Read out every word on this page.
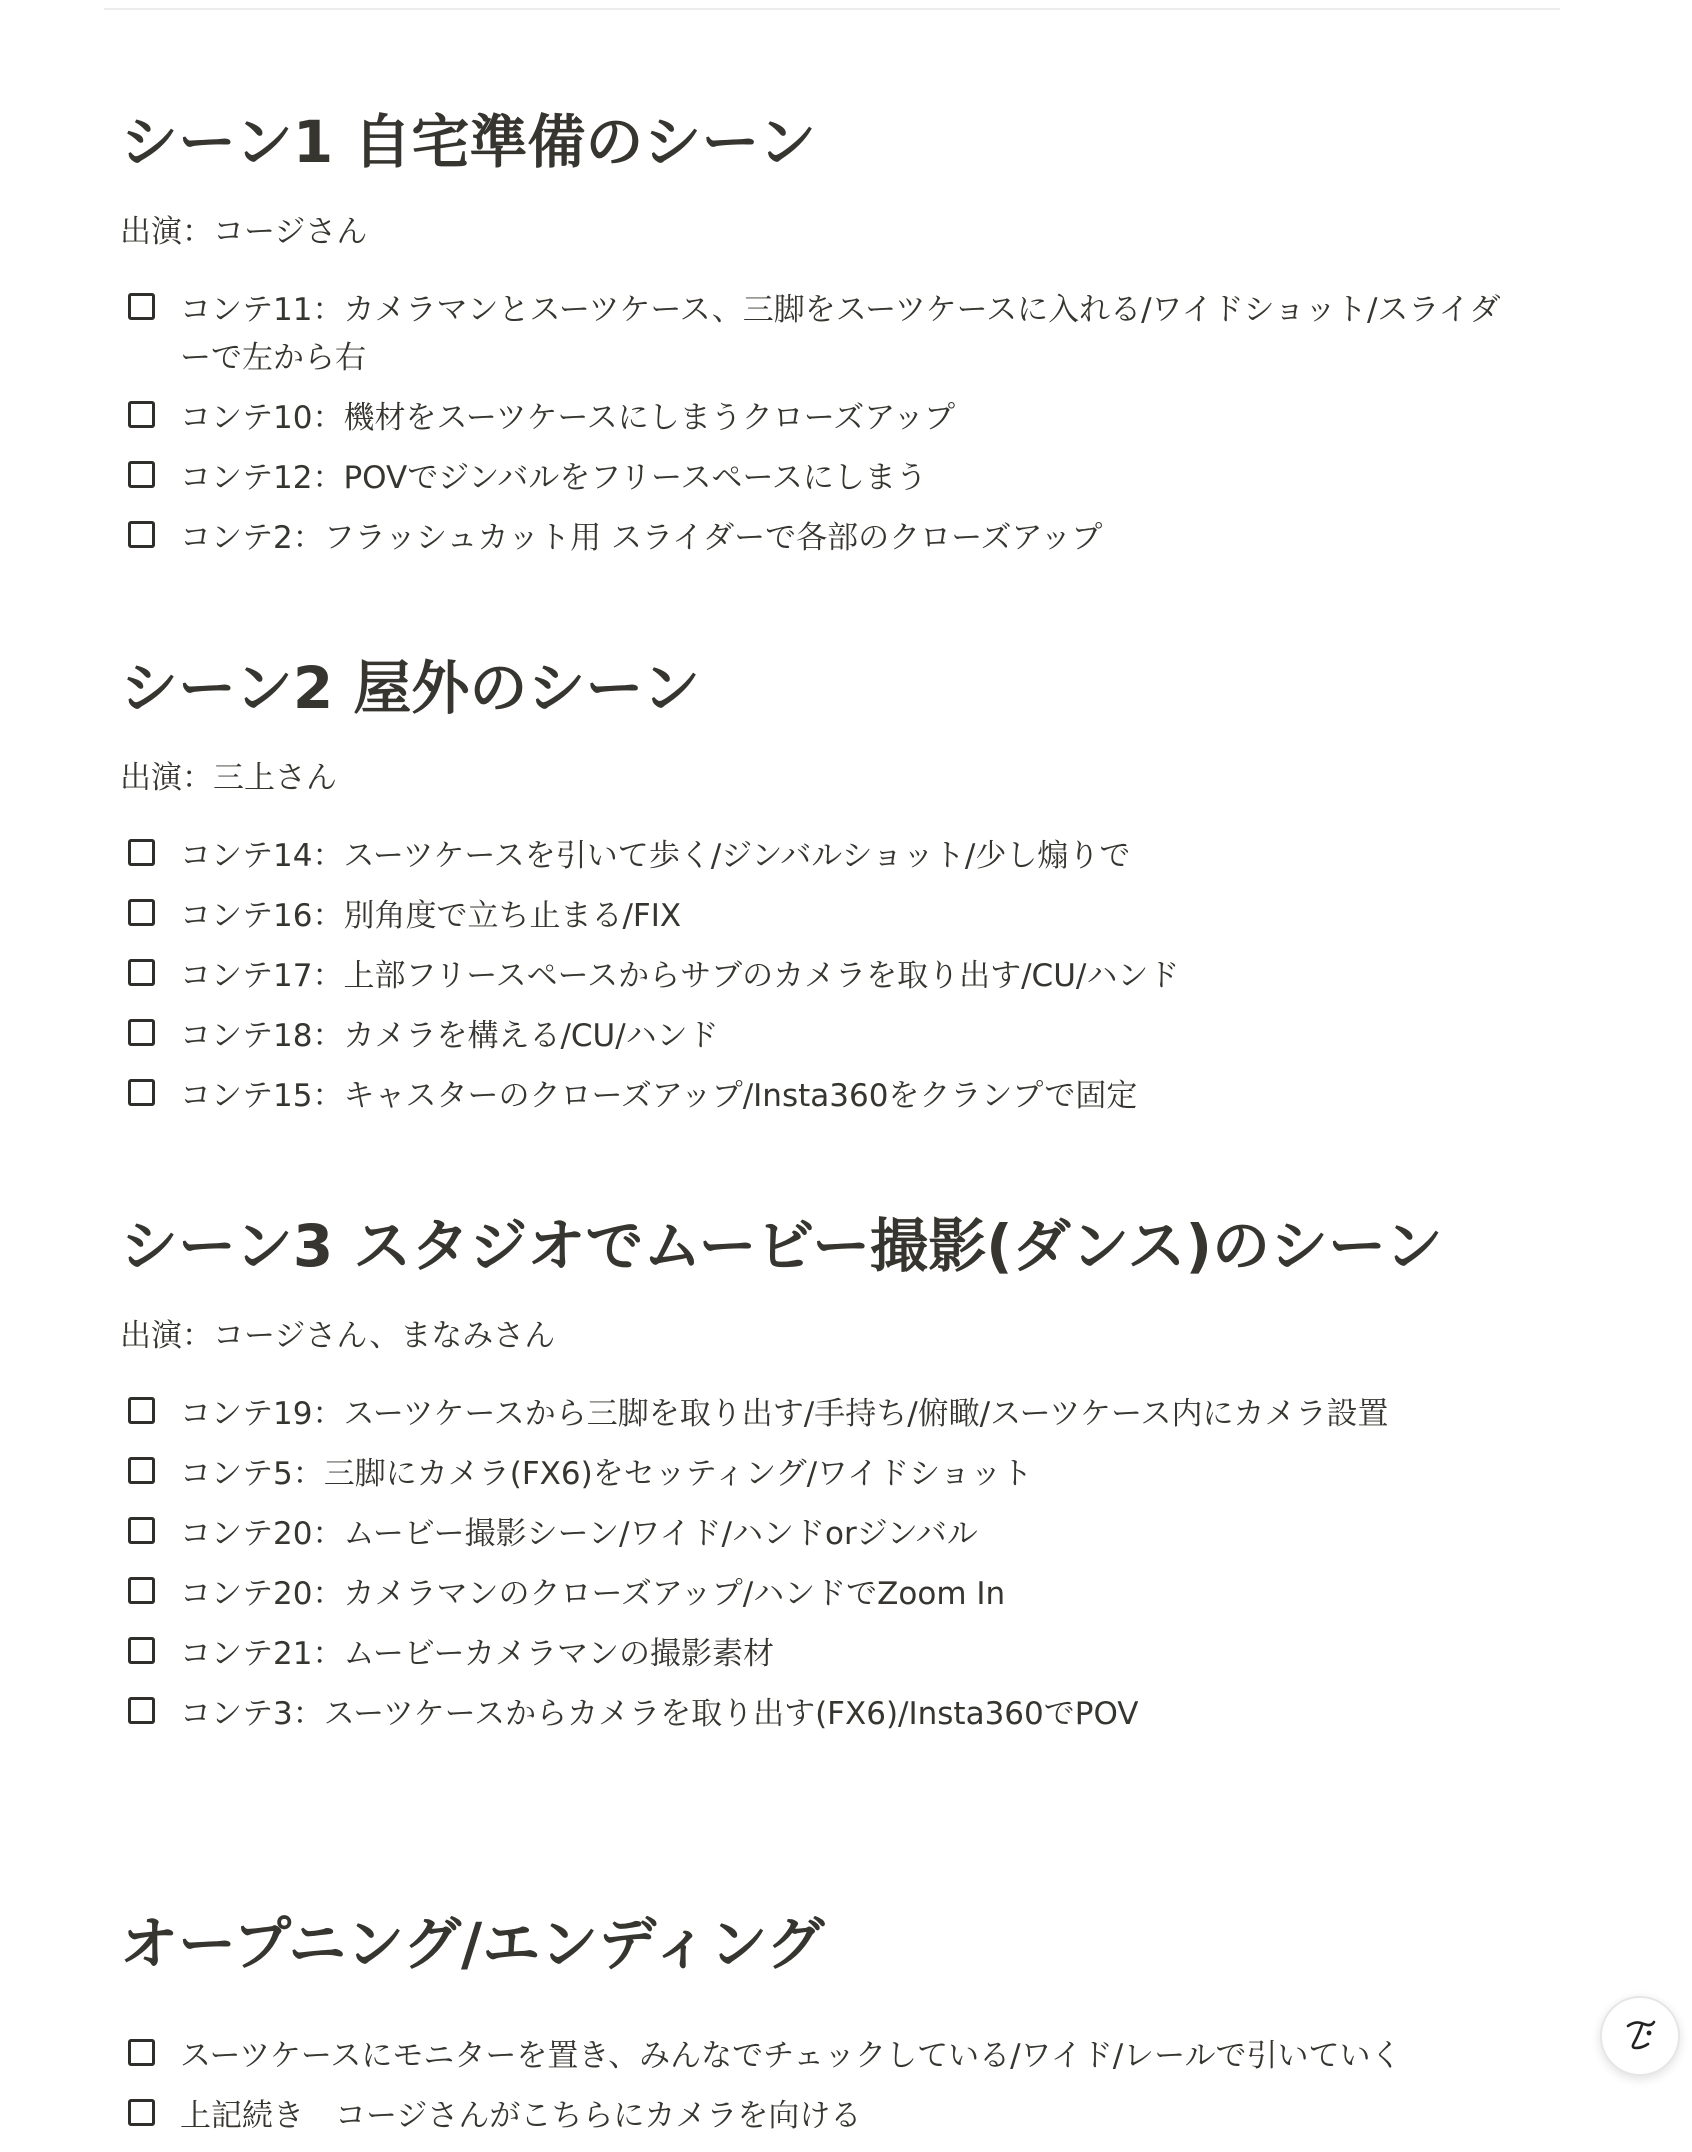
シーン1 自宅準備のシーン
出演：コージさん
コンテ11：カメラマンとスーツケース、三脚をスーツケースに入れる/ワイドショット/スライダーで左から右
コンテ10：機材をスーツケースにしまうクローズアップ
コンテ12：POVでジンバルをフリースペースにしまう
コンテ2：フラッシュカット用 スライダーで各部のクローズアップ
シーン2 屋外のシーン
出演：三上さん
コンテ14：スーツケースを引いて歩く/ジンバルショット/少し煽りで
コンテ16：別角度で立ち止まる/FIX
コンテ17：上部フリースペースからサブのカメラを取り出す/CU/ハンド
コンテ18：カメラを構える/CU/ハンド
コンテ15：キャスターのクローズアップ/Insta360をクランプで固定
シーン3 スタジオでムービー撮影(ダンス)のシーン
出演：コージさん、まなみさん
コンテ19：スーツケースから三脚を取り出す/手持ち/俯瞰/スーツケース内にカメラ設置
コンテ5：三脚にカメラ(FX6)をセッティング/ワイドショット
コンテ20：ムービー撮影シーン/ワイド/ハンドorジンバル
コンテ20：カメラマンのクローズアップ/ハンドでZoom In
コンテ21：ムービーカメラマンの撮影素材
コンテ3：スーツケースからカメラを取り出す(FX6)/Insta360でPOV
オープニング/エンディング
スーツケースにモニターを置き、みんなでチェックしている/ワイド/レールで引いていく
上記続き　コージさんがこちらにカメラを向ける
